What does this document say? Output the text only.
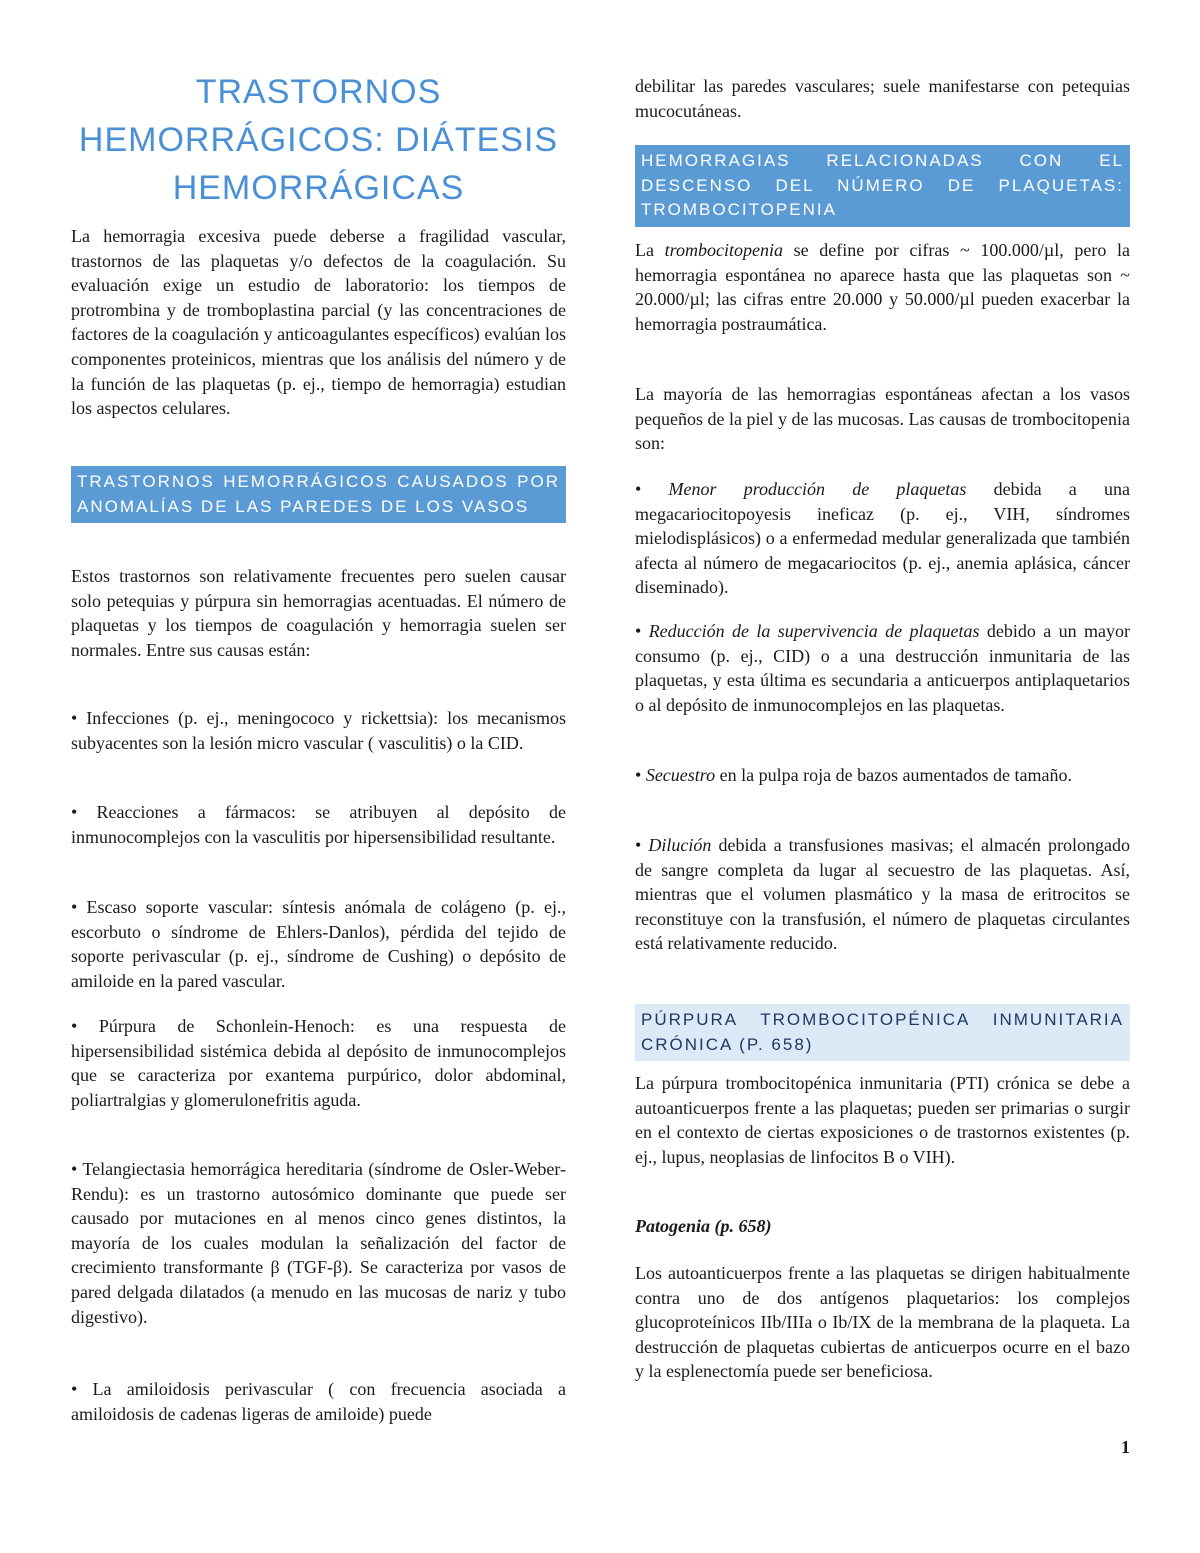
TRASTORNOS HEMORRÁGICOS: DIÁTESIS HEMORRÁGICAS

La hemorragia excesiva puede deberse a fragilidad vascular, trastornos de las plaquetas y/o defectos de la coagulación. Su evaluación exige un estudio de laboratorio: los tiempos de protrombina y de tromboplastina parcial (y las concentraciones de factores de la coagulación y anticoagulantes específicos) evalúan los componentes proteinicos, mientras que los análisis del número y de la función de las plaquetas (p. ej., tiempo de hemorragia) estudian los aspectos celulares.

TRASTORNOS HEMORRÁGICOS CAUSADOS POR ANOMALÍAS DE LAS PAREDES DE LOS VASOS

Estos trastornos son relativamente frecuentes pero suelen causar solo petequias y púrpura sin hemorragias acentuadas. El número de plaquetas y los tiempos de coagulación y hemorragia suelen ser normales. Entre sus causas están:

• Infecciones (p. ej., meningococo y rickettsia): los mecanismos subyacentes son la lesión micro vascular ( vasculitis) o la CID.

• Reacciones a fármacos: se atribuyen al depósito de inmunocomplejos con la vasculitis por hipersensibilidad resultante.

• Escaso soporte vascular: síntesis anómala de colágeno (p. ej., escorbuto o síndrome de Ehlers-Danlos), pérdida del tejido de soporte perivascular (p. ej., síndrome de Cushing) o depósito de amiloide en la pared vascular.

• Púrpura de Schonlein-Henoch: es una respuesta de hipersensibilidad sistémica debida al depósito de inmunocomplejos que se caracteriza por exantema purpúrico, dolor abdominal, poliartralgias y glomerulonefritis aguda.

• Telangiectasia hemorrágica hereditaria (síndrome de Osler-Weber-Rendu): es un trastorno autosómico dominante que puede ser causado por mutaciones en al menos cinco genes distintos, la mayoría de los cuales modulan la señalización del factor de crecimiento transformante β (TGF-β). Se caracteriza por vasos de pared delgada dilatados (a menudo en las mucosas de nariz y tubo digestivo).

• La amiloidosis perivascular ( con frecuencia asociada a amiloidosis de cadenas ligeras de amiloide) puede

debilitar las paredes vasculares; suele manifestarse con petequias mucocutáneas.

HEMORRAGIAS RELACIONADAS CON EL DESCENSO DEL NÚMERO DE PLAQUETAS: TROMBOCITOPENIA

La trombocitopenia se define por cifras ~ 100.000/µl, pero la hemorragia espontánea no aparece hasta que las plaquetas son ~ 20.000/µl; las cifras entre 20.000 y 50.000/µl pueden exacerbar la hemorragia postraumática.

La mayoría de las hemorragias espontáneas afectan a los vasos pequeños de la piel y de las mucosas. Las causas de trombocitopenia son:

• Menor producción de plaquetas debida a una megacariocitopoyesis ineficaz (p. ej., VIH, síndromes mielodisplásicos) o a enfermedad medular generalizada que también afecta al número de megacariocitos (p. ej., anemia aplásica, cáncer diseminado).

• Reducción de la supervivencia de plaquetas debido a un mayor consumo (p. ej., CID) o a una destrucción inmunitaria de las plaquetas, y esta última es secundaria a anticuerpos antiplaquetarios o al depósito de inmunocomplejos en las plaquetas.

• Secuestro en la pulpa roja de bazos aumentados de tamaño.

• Dilución debida a transfusiones masivas; el almacén prolongado de sangre completa da lugar al secuestro de las plaquetas. Así, mientras que el volumen plasmático y la masa de eritrocitos se reconstituye con la transfusión, el número de plaquetas circulantes está relativamente reducido.

PÚRPURA TROMBOCITOPÉNICA INMUNITARIA CRÓNICA (P. 658)

La púrpura trombocitopénica inmunitaria (PTI) crónica se debe a autoanticuerpos frente a las plaquetas; pueden ser primarias o surgir en el contexto de ciertas exposiciones o de trastornos existentes (p. ej., lupus, neoplasias de linfocitos B o VIH).

Patogenia (p. 658)

Los autoanticuerpos frente a las plaquetas se dirigen habitualmente contra uno de dos antígenos plaquetarios: los complejos glucoproteínicos IIb/IIIa o Ib/IX de la membrana de la plaqueta. La destrucción de plaquetas cubiertas de anticuerpos ocurre en el bazo y la esplenectomía puede ser beneficiosa.

1
